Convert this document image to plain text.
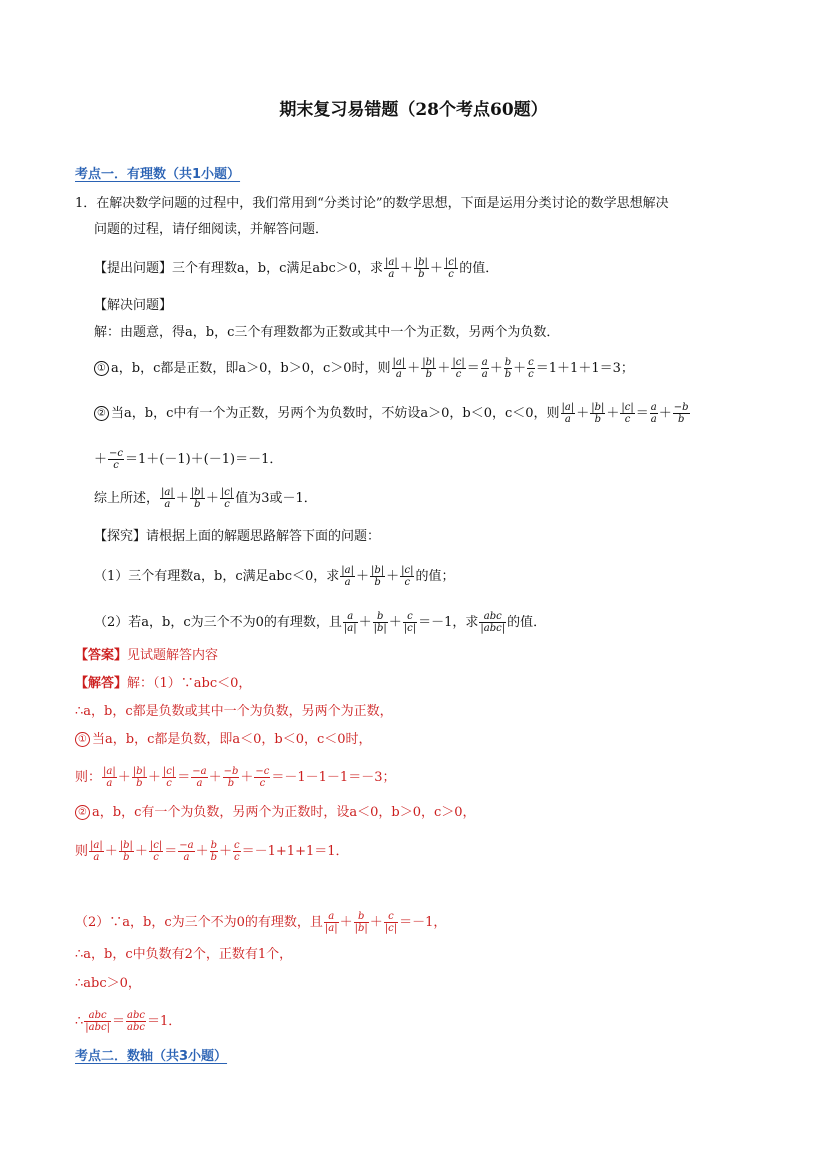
期末复习易错题（28个考点60题）
考点一．有理数（共1小题）
1．在解决数学问题的过程中，我们常用到“分类讨论”的数学思想，下面是运用分类讨论的数学思想解决
问题的过程，请仔细阅读，并解答问题．
【提出问题】三个有理数a，b，c满足abc＞0，求 $\frac{|a|}{a} + \frac{|b|}{b} + \frac{|c|}{c}$ 的值．
【解决问题】
解：由题意，得a，b，c三个有理数都为正数或其中一个为正数，另两个为负数．
① a，b，c都是正数，即a＞0，b＞0，c＞0时，则 $\frac{|a|}{a} + \frac{|b|}{b} + \frac{|c|}{c} = \frac{a}{a} + \frac{b}{b} + \frac{c}{c} =1+1+1=3$；
② 当a，b，c中有一个为正数，另两个为负数时，不妨设a＞0，b＜0，c＜0，则 $\frac{|a|}{a} + \frac{|b|}{b} + \frac{|c|}{c} = \frac{a}{a} + \frac{-b}{b}$
＋ $\frac{-c}{c} =1+(-1)+(-1)=-1$．
综上所述， $\frac{|a|}{a} + \frac{|b|}{b} + \frac{|c|}{c}$ 值为3或－1．
【探究】请根据上面的解题思路解答下面的问题：
（1）三个有理数a，b，c满足abc＜0，求 $\frac{|a|}{a} + \frac{|b|}{b} + \frac{|c|}{c}$ 的值；
（2）若a，b，c为三个不为0的有理数，且 $\frac{a}{|a|} + \frac{b}{|b|} + \frac{c}{|c|} =-1$，求 $\frac{\text{abc}}{\text{|abc|}}$ 的值．
【答案】见试题解答内容
【解答】解：（1）∵abc＜0，
∴a，b，c都是负数或其中一个为负数，另两个为正数，
① 当a，b，c都是负数，即a＜0，b＜0，c＜0时，
则： $\frac{|a|}{a} + \frac{|b|}{b} + \frac{|c|}{c} = \frac{-a}{a} + \frac{-b}{b} + \frac{-c}{c} =-1-1-1=-3$；
② a，b，c有一个为负数，另两个为正数时，设a＜0，b＞0，c＞0，
则 $\frac{|a|}{a} + \frac{|b|}{b} + \frac{|c|}{c} = \frac{-a}{a} + \frac{b}{b} + \frac{c}{c} =-1+1+1=1$．
（2）∵a，b，c为三个不为0的有理数，且 $\frac{a}{|a|} + \frac{b}{|b|} + \frac{c}{|c|} =-1$，
∴a，b，c中负数有2个，正数有1个，
∴abc＞0，
∴ $\frac{\text{abc}}{\text{|abc|}} = \frac{\text{abc}}{\text{abc}} =1$．
考点二．数轴（共3小题）
